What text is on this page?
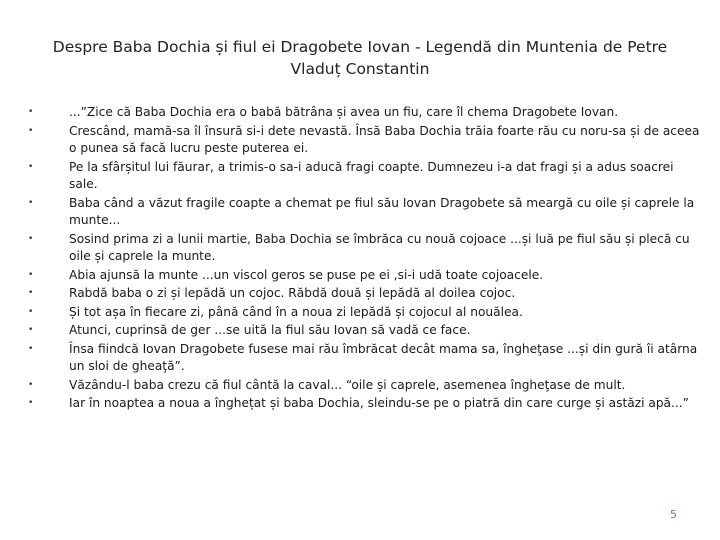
Despre Baba Dochia și fiul ei Dragobete Iovan - Legendă din Muntenia de Petre Vladuț Constantin
•	...”Zice că Baba Dochia era o babă bătrâna și avea un fiu, care îl chema Dragobete Iovan.
•	Crescând, mamă-sa îl însură si-i dete nevastă. Însă Baba Dochia trăia foarte rău cu noru-sa și de aceea o punea să facă lucru peste puterea ei.
•	Pe la sfârșitul lui făurar, a trimis-o sa-i aducă fragi coapte. Dumnezeu i-a dat fragi și a adus soacrei sale.
•	Baba când a văzut fragile coapte a chemat pe fiul său Iovan Dragobete să meargă cu oile și caprele la munte...
•	Sosind prima zi a lunii martie, Baba Dochia se îmbrăca cu nouă cojoace ...și luă pe fiul său și plecă cu oile și caprele la munte.
•	Abia ajunsă la munte ...un viscol geros se puse pe ei ,si-i udă toate cojoacele.
•	Rabdă baba o zi și lepădă un cojoc. Răbdă două și lepădă al doilea cojoc.
•	Și tot așa în fiecare zi, până când în a noua zi lepădă și cojocul al nouălea.
•	Atunci, cuprinsă de ger ...se uită la fiul său Iovan să vadă ce face.
•	Însa fiindcă Iovan Dragobete fusese mai rău îmbrăcat decât mama sa, îngheţase ...și din gură îi atârna un sloi de gheaţă”.
•	Văzându-l baba crezu că fiul cântă la caval... “oile și caprele, asemenea îngheţase de mult.
•	Iar în noaptea a noua a înghețat și baba Dochia, sleindu-se pe o piatră din care curge și astăzi apă...”
5
